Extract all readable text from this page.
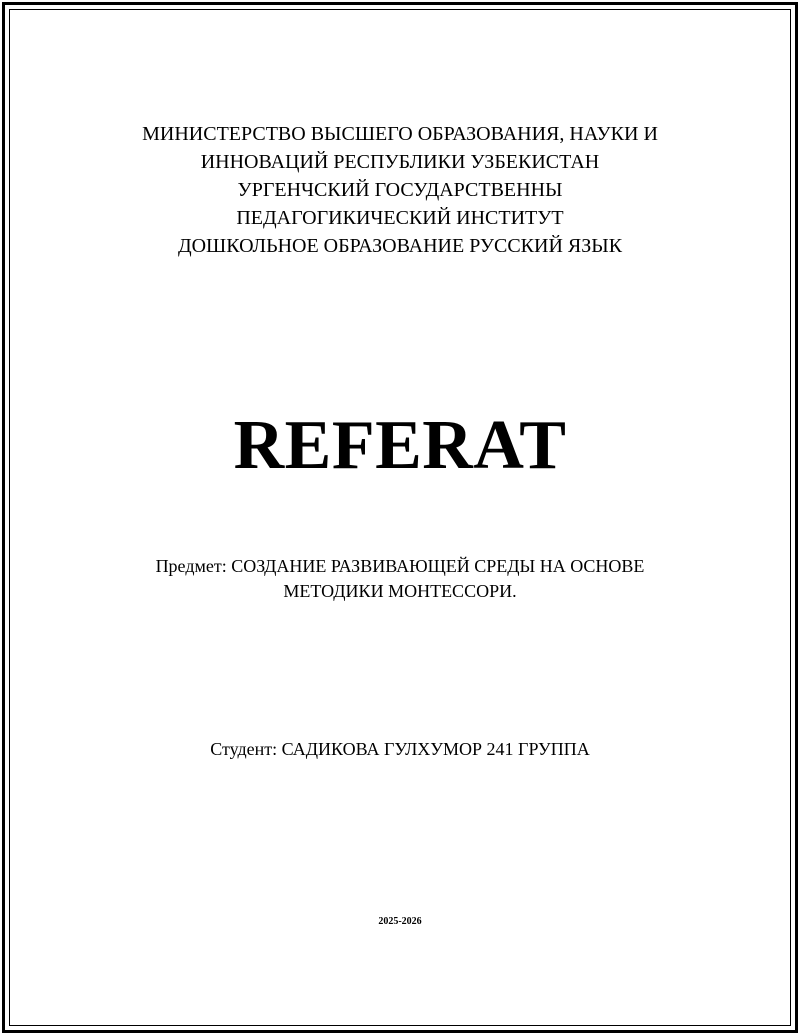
МИНИСТЕРСТВО ВЫСШЕГО ОБРАЗОВАНИЯ, НАУКИ И
ИННОВАЦИЙ РЕСПУБЛИКИ УЗБЕКИСТАН
УРГЕНЧСКИЙ ГОСУДАРСТВЕННЫ
ПЕДАГОГИКИЧЕСКИЙ ИНСТИТУТ
ДОШКОЛЬНОЕ ОБРАЗОВАНИЕ РУССКИЙ ЯЗЫК
REFERAT
Предмет: СОЗДАНИЕ РАЗВИВАЮЩЕЙ СРЕДЫ НА ОСНОВЕ
МЕТОДИКИ МОНТЕССОРИ.
Студент: САДИКОВА ГУЛХУМОР 241 ГРУППА
2025-2026
